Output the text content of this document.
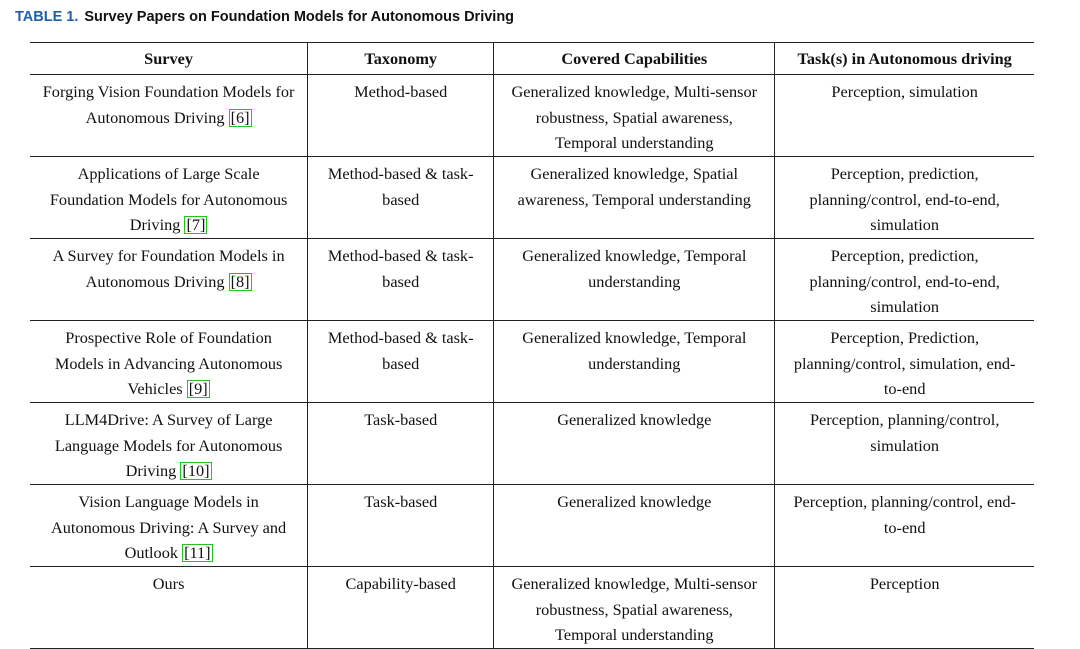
TABLE 1. Survey Papers on Foundation Models for Autonomous Driving
Survey	Taxonomy	Covered Capabilities	Task(s) in Autonomous driving
Forging Vision Foundation Models for Autonomous Driving [6]	Method-based	Generalized knowledge, Multi-sensor robustness, Spatial awareness, Temporal understanding	Perception, simulation
Applications of Large Scale Foundation Models for Autonomous Driving [7]	Method-based & task-based	Generalized knowledge, Spatial awareness, Temporal understanding	Perception, prediction, planning/control, end-to-end, simulation
A Survey for Foundation Models in Autonomous Driving [8]	Method-based & task-based	Generalized knowledge, Temporal understanding	Perception, prediction, planning/control, end-to-end, simulation
Prospective Role of Foundation Models in Advancing Autonomous Vehicles [9]	Method-based & task-based	Generalized knowledge, Temporal understanding	Perception, Prediction, planning/control, simulation, end-to-end
LLM4Drive: A Survey of Large Language Models for Autonomous Driving [10]	Task-based	Generalized knowledge	Perception, planning/control, simulation
Vision Language Models in Autonomous Driving: A Survey and Outlook [11]	Task-based	Generalized knowledge	Perception, planning/control, end-to-end
Ours	Capability-based	Generalized knowledge, Multi-sensor robustness, Spatial awareness, Temporal understanding	Perception
